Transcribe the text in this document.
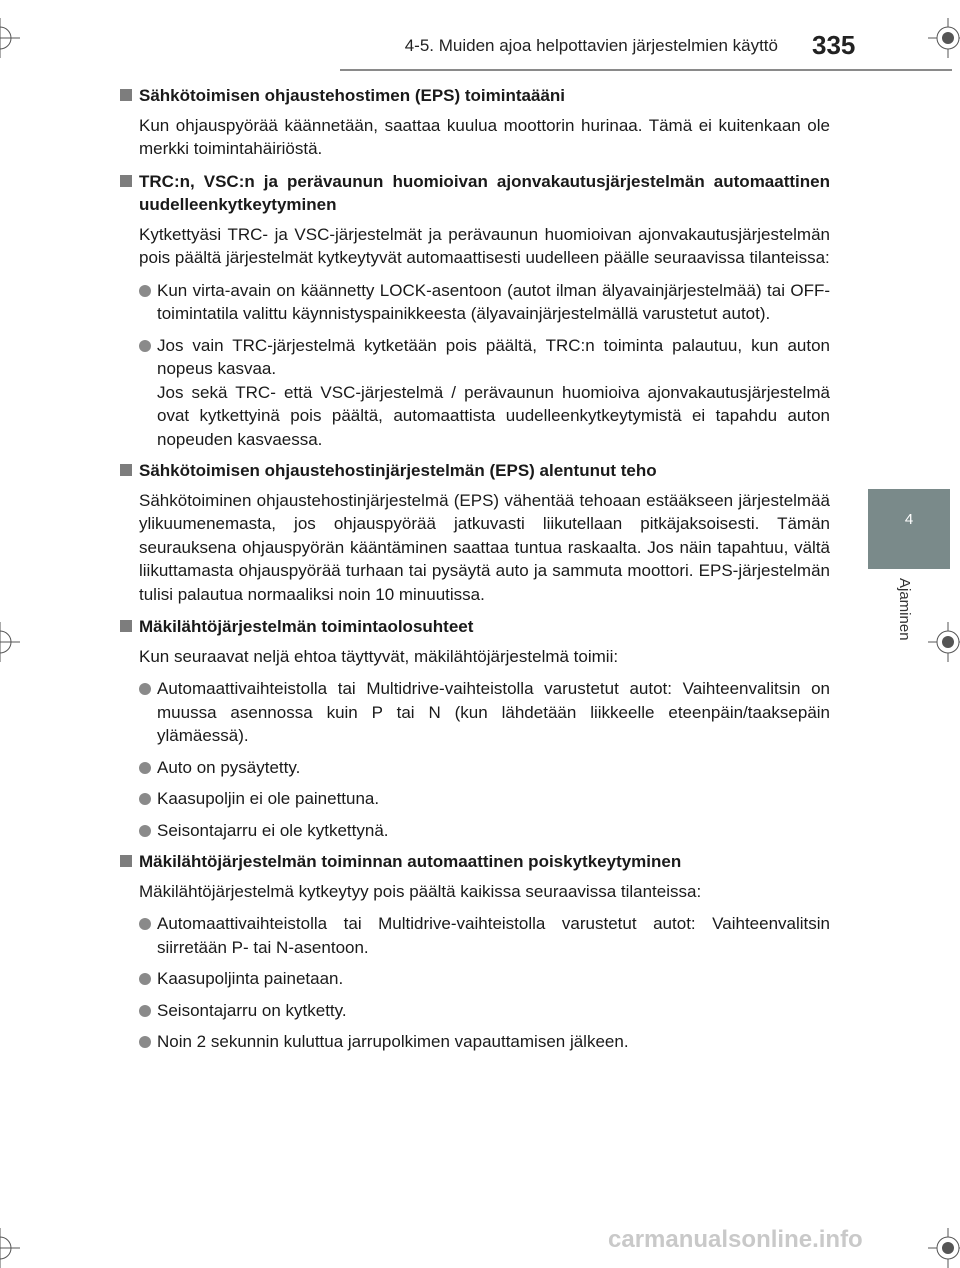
4-5. Muiden ajoa helpottavien järjestelmien käyttö 335
4
Ajaminen
Sähkötoimisen ohjaustehostimen (EPS) toimintaääni
Kun ohjauspyörää käännetään, saattaa kuulua moottorin hurinaa. Tämä ei kuitenkaan ole merkki toimintahäiriöstä.
TRC:n, VSC:n ja perävaunun huomioivan ajonvakautusjärjestelmän automaattinen uudelleenkytkeytyminen
Kytkettyäsi TRC- ja VSC-järjestelmät ja perävaunun huomioivan ajonvakautusjärjestelmän pois päältä järjestelmät kytkeytyvät automaattisesti uudelleen päälle seuraavissa tilanteissa:
Kun virta-avain on käännetty LOCK-asentoon (autot ilman älyavainjärjestelmää) tai OFF-toimintatila valittu käynnistyspainikkeesta (älyavainjärjestelmällä varustetut autot).
Jos vain TRC-järjestelmä kytketään pois päältä, TRC:n toiminta palautuu, kun auton nopeus kasvaa.
Jos sekä TRC- että VSC-järjestelmä / perävaunun huomioiva ajonvakautusjärjestelmä ovat kytkettyinä pois päältä, automaattista uudelleenkytkeytymistä ei tapahdu auton nopeuden kasvaessa.
Sähkötoimisen ohjaustehostinjärjestelmän (EPS) alentunut teho
Sähkötoiminen ohjaustehostinjärjestelmä (EPS) vähentää tehoaan estääkseen järjestelmää ylikuumenemasta, jos ohjauspyörää jatkuvasti liikutellaan pitkäjaksoisesti. Tämän seurauksena ohjauspyörän kääntäminen saattaa tuntua raskaalta. Jos näin tapahtuu, vältä liikuttamasta ohjauspyörää turhaan tai pysäytä auto ja sammuta moottori. EPS-järjestelmän tulisi palautua normaaliksi noin 10 minuutissa.
Mäkilähtöjärjestelmän toimintaolosuhteet
Kun seuraavat neljä ehtoa täyttyvät, mäkilähtöjärjestelmä toimii:
Automaattivaihteistolla tai Multidrive-vaihteistolla varustetut autot: Vaihteenvalitsin on muussa asennossa kuin P tai N (kun lähdetään liikkeelle eteenpäin/taaksepäin ylämäessä).
Auto on pysäytetty.
Kaasupoljin ei ole painettuna.
Seisontajarru ei ole kytkettynä.
Mäkilähtöjärjestelmän toiminnan automaattinen poiskytkeytyminen
Mäkilähtöjärjestelmä kytkeytyy pois päältä kaikissa seuraavissa tilanteissa:
Automaattivaihteistolla tai Multidrive-vaihteistolla varustetut autot: Vaihteenvalitsin siirretään P- tai N-asentoon.
Kaasupoljinta painetaan.
Seisontajarru on kytketty.
Noin 2 sekunnin kuluttua jarrupolkimen vapauttamisen jälkeen.
carmanualsonline.info
